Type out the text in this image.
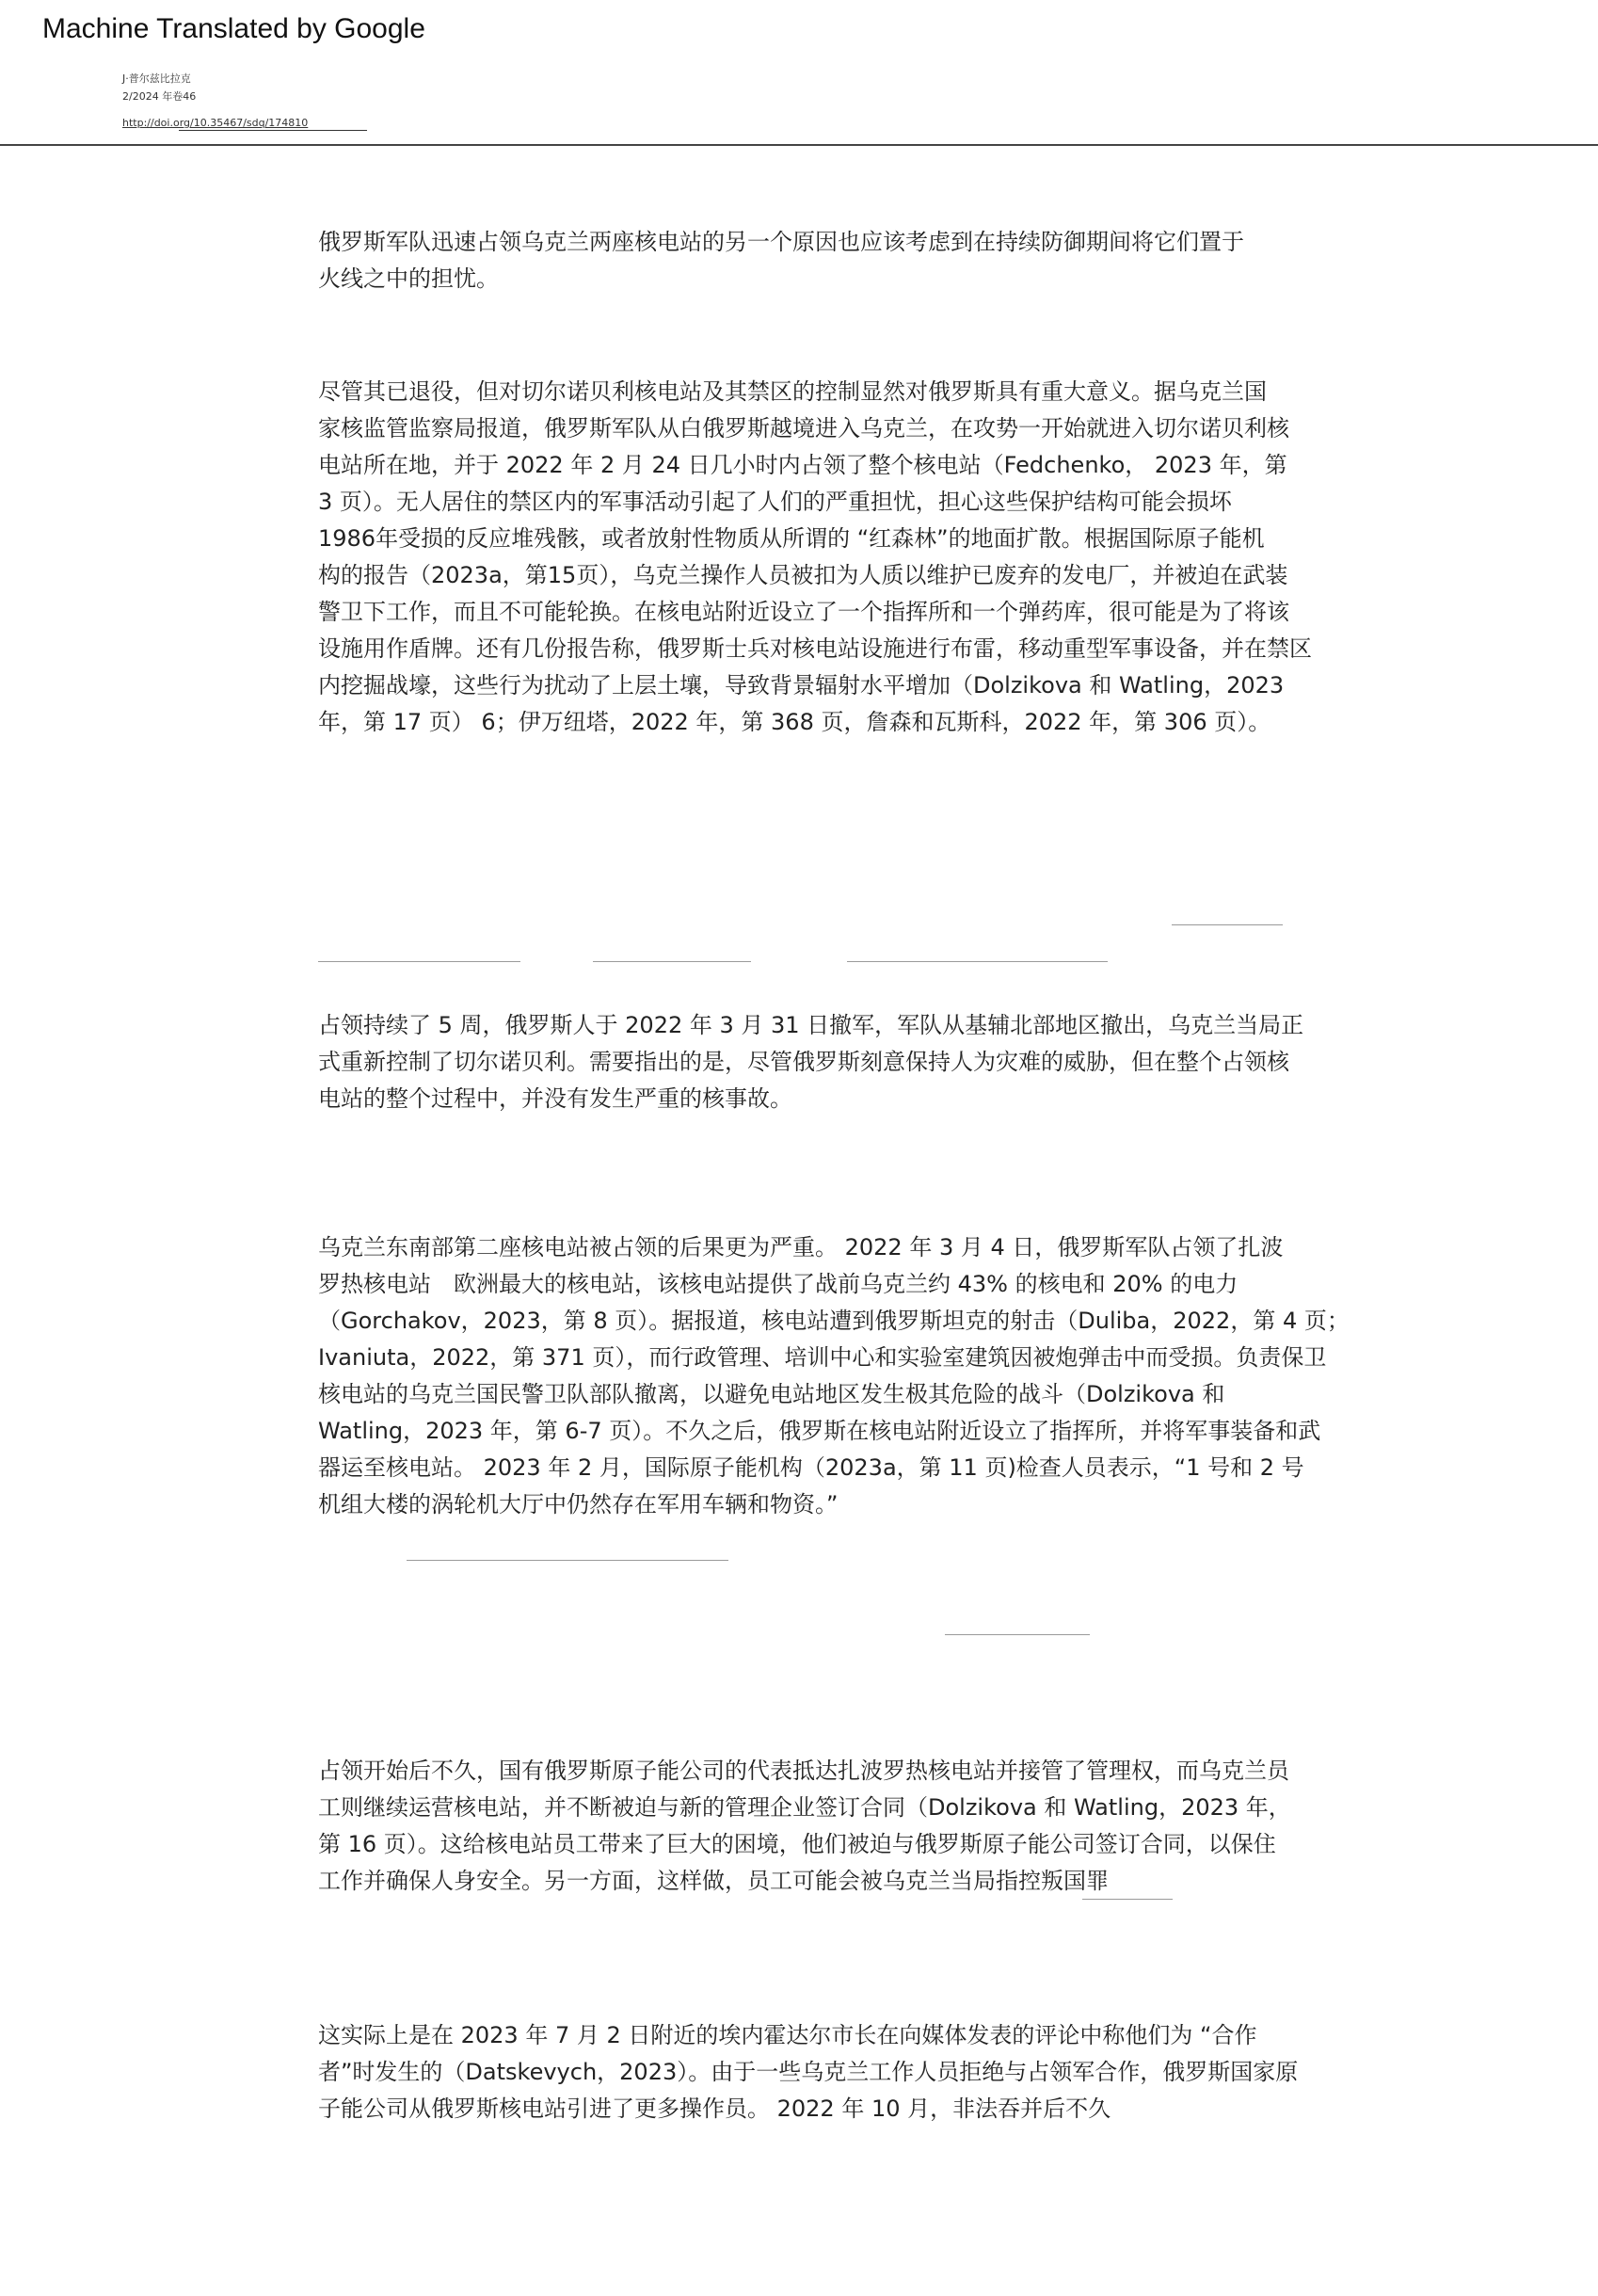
Machine Translated by Google
J·普尔兹比拉克
2/2024 年卷46
http://doi.org/10.35467/sdq/174810
俄罗斯军队迅速占领乌克兰两座核电站的另一个原因也应该考虑到在持续防御期间将它们置于
火线之中的担忧。
尽管其已退役，但对切尔诺贝利核电站及其禁区的控制显然对俄罗斯具有重大意义。据乌克兰国
家核监管监察局报道，俄罗斯军队从白俄罗斯越境进入乌克兰，在攻势一开始就进入切尔诺贝利核
电站所在地，并于 2022 年 2 月 24 日几小时内占领了整个核电站（Fedchenko， 2023 年，第
3 页）。无人居住的禁区内的军事活动引起了人们的严重担忧，担心这些保护结构可能会损坏
1986年受损的反应堆残骸，或者放射性物质从所谓的 “红森林”的地面扩散。根据国际原子能机
构的报告（2023a，第15页），乌克兰操作人员被扣为人质以维护已废弃的发电厂，并被迫在武装
警卫下工作，而且不可能轮换。在核电站附近设立了一个指挥所和一个弹药库，很可能是为了将该
设施用作盾牌。还有几份报告称，俄罗斯士兵对核电站设施进行布雷，移动重型军事设备，并在禁区
内挖掘战壕，这些行为扰动了上层土壤，导致背景辐射水平增加（Dolzikova 和 Watling，2023
年，第 17 页） 6；伊万纽塔，2022 年，第 368 页，詹森和瓦斯科，2022 年，第 306 页）。
占领持续了 5 周，俄罗斯人于 2022 年 3 月 31 日撤军，军队从基辅北部地区撤出，乌克兰当局正
式重新控制了切尔诺贝利。需要指出的是，尽管俄罗斯刻意保持人为灾难的威胁，但在整个占领核
电站的整个过程中，并没有发生严重的核事故。
乌克兰东南部第二座核电站被占领的后果更为严重。 2022 年 3 月 4 日，俄罗斯军队占领了扎波
罗热核电站　欧洲最大的核电站，该核电站提供了战前乌克兰约 43% 的核电和 20% 的电力
（Gorchakov，2023，第 8 页）。据报道，核电站遭到俄罗斯坦克的射击（Duliba，2022，第 4 页；
Ivaniuta，2022，第 371 页），而行政管理、培训中心和实验室建筑因被炮弹击中而受损。负责保卫
核电站的乌克兰国民警卫队部队撤离，以避免电站地区发生极其危险的战斗（Dolzikova 和
Watling，2023 年，第 6-7 页）。不久之后，俄罗斯在核电站附近设立了指挥所，并将军事装备和武
器运至核电站。 2023 年 2 月，国际原子能机构（2023a，第 11 页)检查人员表示，“1 号和 2 号
机组大楼的涡轮机大厅中仍然存在军用车辆和物资。”
占领开始后不久，国有俄罗斯原子能公司的代表抵达扎波罗热核电站并接管了管理权，而乌克兰员
工则继续运营核电站，并不断被迫与新的管理企业签订合同（Dolzikova 和 Watling，2023 年，
第 16 页）。这给核电站员工带来了巨大的困境，他们被迫与俄罗斯原子能公司签订合同，以保住
工作并确保人身安全。另一方面，这样做，员工可能会被乌克兰当局指控叛国罪
这实际上是在 2023 年 7 月 2 日附近的埃内霍达尔市长在向媒体发表的评论中称他们为 “合作
者”时发生的（Datskevych，2023）。由于一些乌克兰工作人员拒绝与占领军合作，俄罗斯国家原
子能公司从俄罗斯核电站引进了更多操作员。 2022 年 10 月，非法吞并后不久
